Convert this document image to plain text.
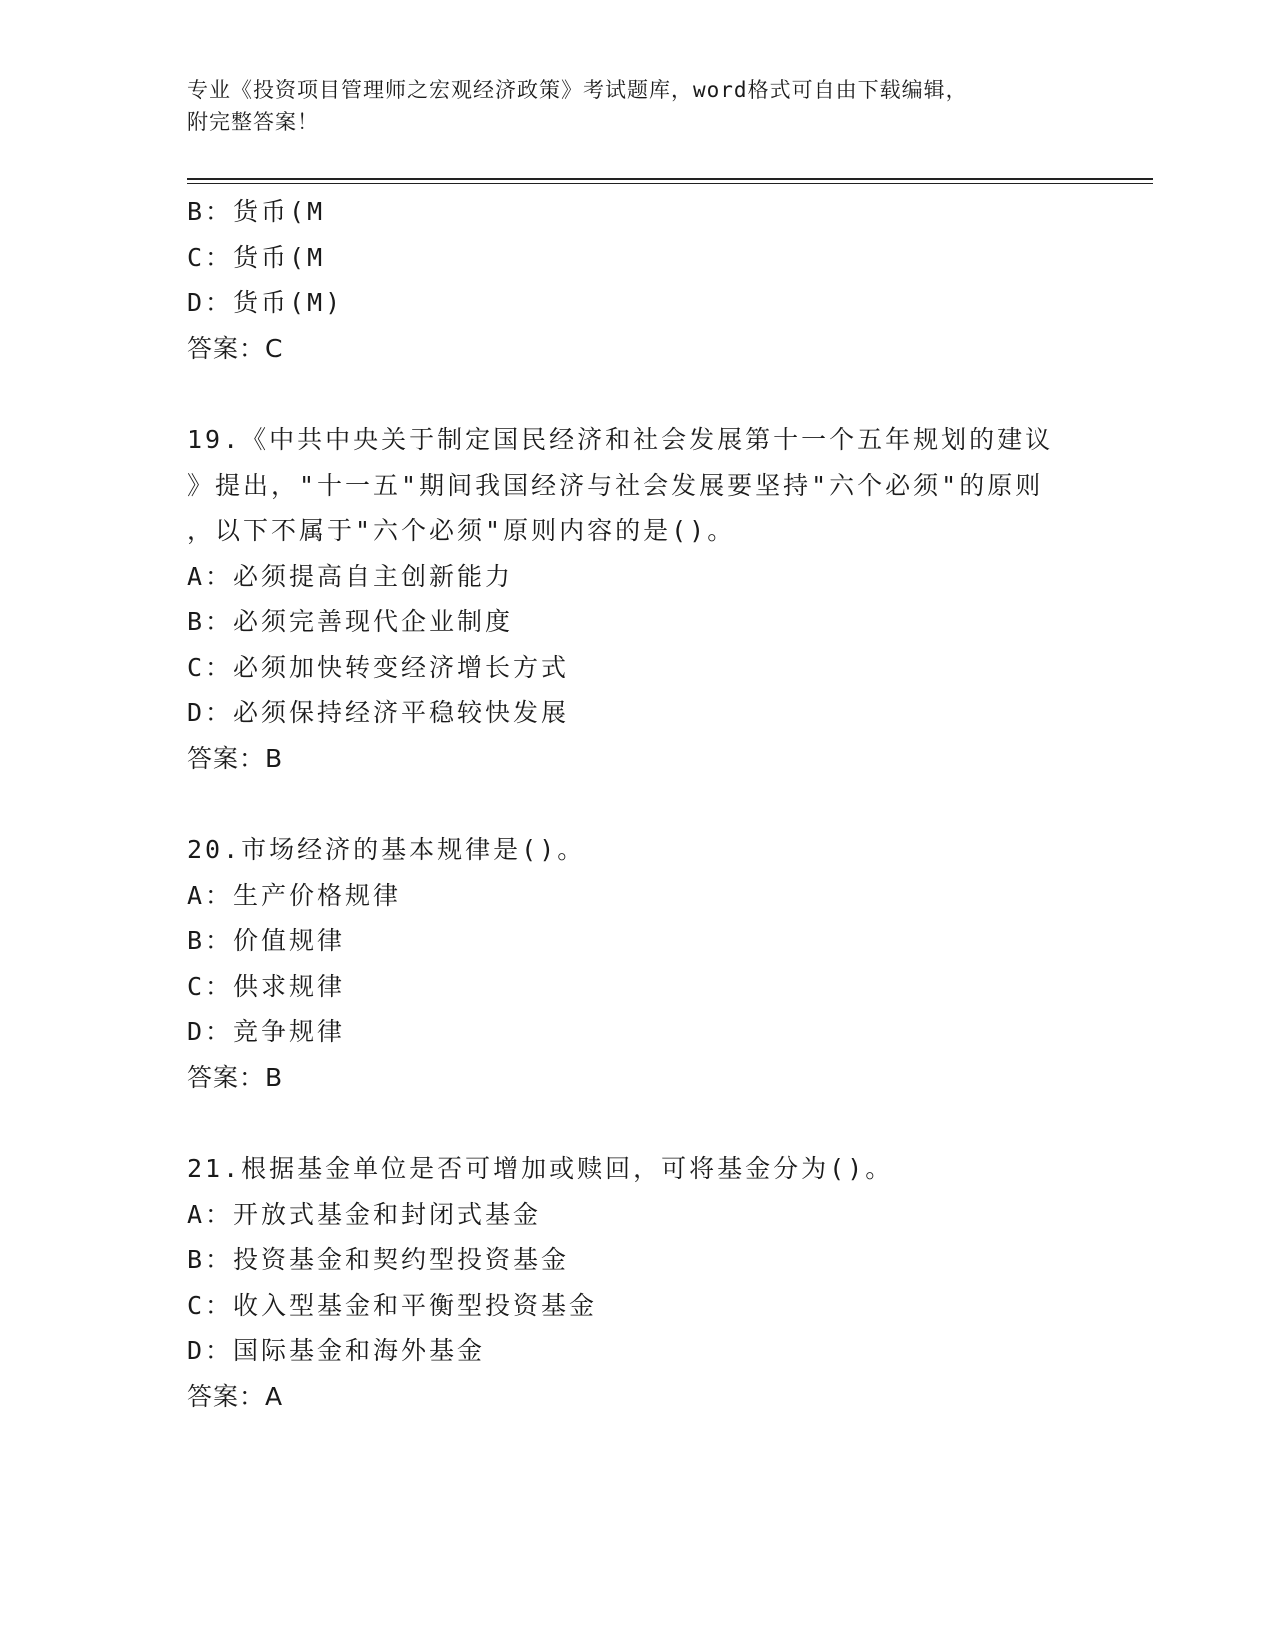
专业《投资项目管理师之宏观经济政策》考试题库，word格式可自由下载编辑，
附完整答案！
B：货币(M
C：货币(M
D：货币(M)
答案：C
19.《中共中央关于制定国民经济和社会发展第十一个五年规划的建议
》提出，"十一五"期间我国经济与社会发展要坚持"六个必须"的原则
，以下不属于"六个必须"原则内容的是()。
A：必须提高自主创新能力
B：必须完善现代企业制度
C：必须加快转变经济增长方式
D：必须保持经济平稳较快发展
答案：B
20.市场经济的基本规律是()。
A：生产价格规律
B：价值规律
C：供求规律
D：竞争规律
答案：B
21.根据基金单位是否可增加或赎回，可将基金分为()。
A：开放式基金和封闭式基金
B：投资基金和契约型投资基金
C：收入型基金和平衡型投资基金
D：国际基金和海外基金
答案：A
